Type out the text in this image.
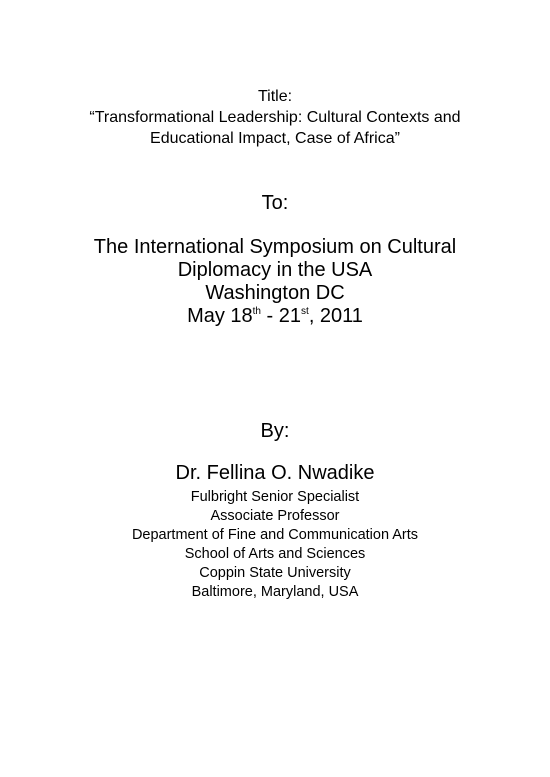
Title:
“Transformational Leadership: Cultural Contexts and
Educational Impact, Case of Africa”
To:
The International Symposium on Cultural
Diplomacy in the USA
Washington DC
May 18th - 21st, 2011
By:
Dr. Fellina O. Nwadike
Fulbright Senior Specialist
Associate Professor
Department of Fine and Communication Arts
School of Arts and Sciences
Coppin State University
Baltimore, Maryland, USA
